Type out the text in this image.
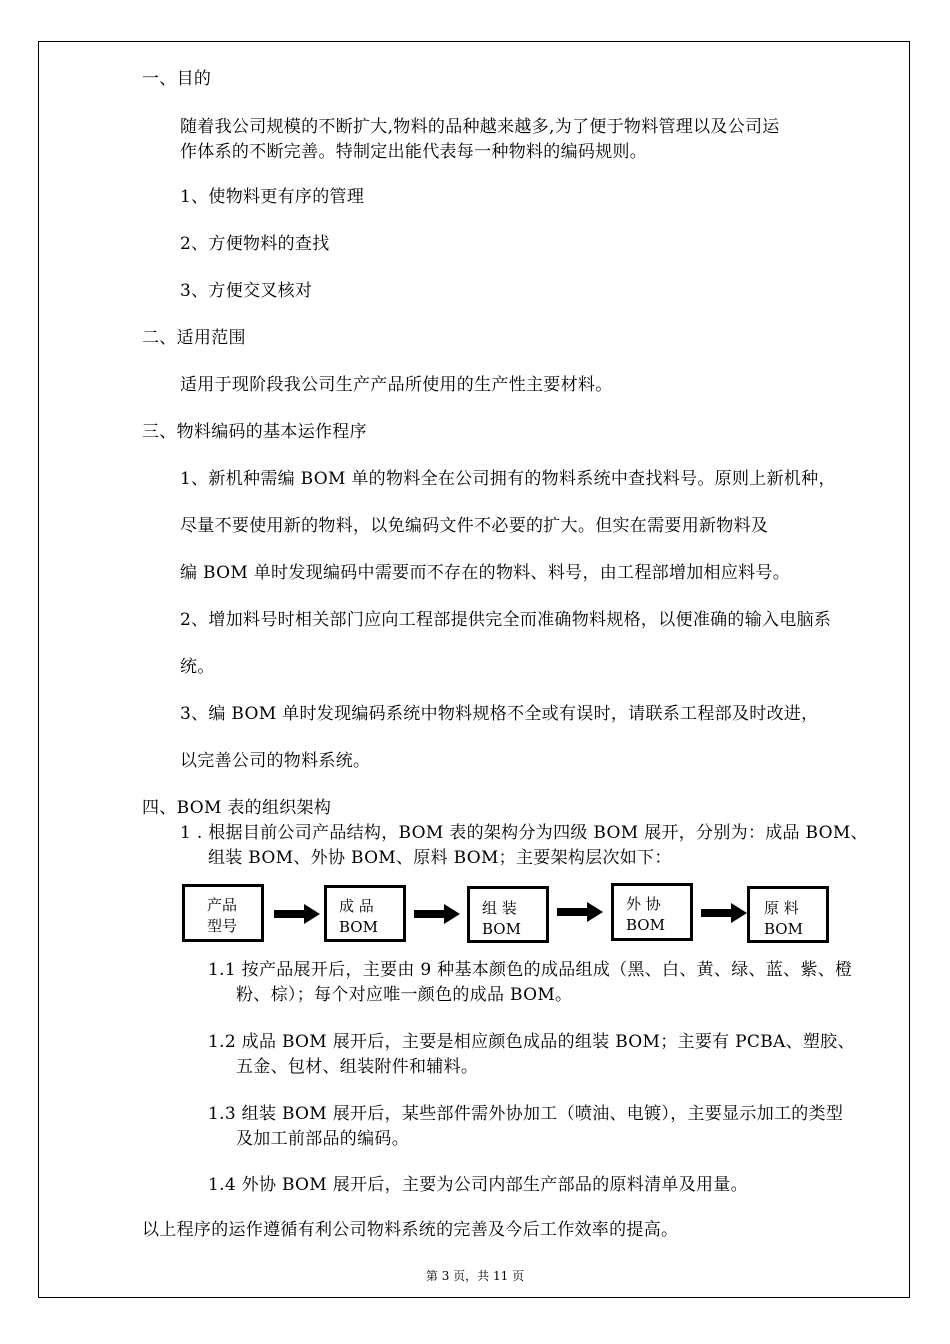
一、目的
随着我公司规模的不断扩大,物料的品种越来越多,为了便于物料管理以及公司运
作体系的不断完善。特制定出能代表每一种物料的编码规则。
1、使物料更有序的管理
2、方便物料的查找
3、方便交叉核对
二、适用范围
适用于现阶段我公司生产产品所使用的生产性主要材料。
三、物料编码的基本运作程序
1、新机种需编 BOM 单的物料全在公司拥有的物料系统中查找料号。原则上新机种，
尽量不要使用新的物料，以免编码文件不必要的扩大。但实在需要用新物料及
编 BOM 单时发现编码中需要而不存在的物料、料号，由工程部增加相应料号。
2、增加料号时相关部门应向工程部提供完全而准确物料规格，以便准确的输入电脑系
统。
3、编 BOM 单时发现编码系统中物料规格不全或有误时，请联系工程部及时改进，
以完善公司的物料系统。
四、BOM 表的组织架构
1 . 根据目前公司产品结构，BOM 表的架构分为四级 BOM 展开，分别为：成品 BOM、
组装 BOM、外协 BOM、原料 BOM；主要架构层次如下：
产品
型号
成 品
BOM
组 装
BOM
外 协
BOM
原 料
BOM
1.1 按产品展开后，主要由 9 种基本颜色的成品组成（黑、白、黄、绿、蓝、紫、橙
粉、棕）；每个对应唯一颜色的成品 BOM。
1.2 成品 BOM 展开后，主要是相应颜色成品的组装 BOM；主要有 PCBA、塑胶、
五金、包材、组装附件和辅料。
1.3 组装 BOM 展开后，某些部件需外协加工（喷油、电镀），主要显示加工的类型
及加工前部品的编码。
1.4 外协 BOM 展开后，主要为公司内部生产部品的原料清单及用量。
以上程序的运作遵循有利公司物料系统的完善及今后工作效率的提高。
第 3 页，共 11 页
